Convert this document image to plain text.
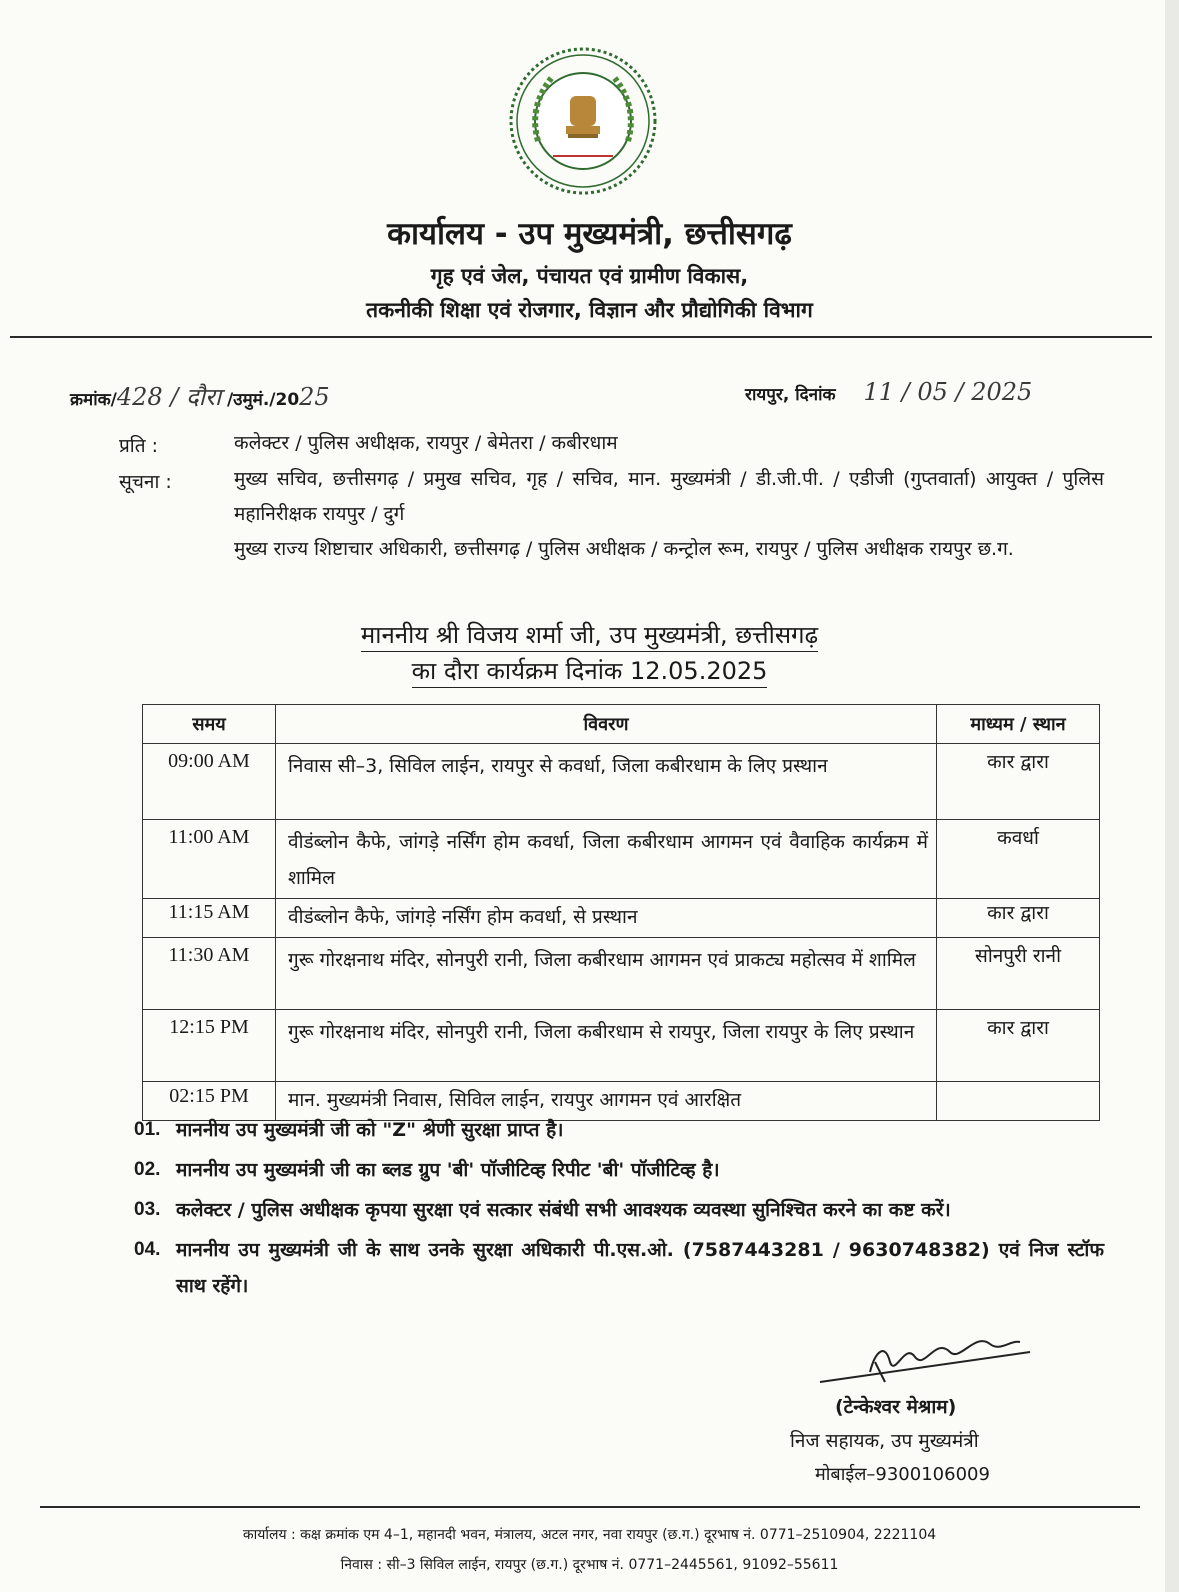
कार्यालय - उप मुख्यमंत्री, छत्तीसगढ़
गृह एवं जेल, पंचायत एवं ग्रामीण विकास,
तकनीकी शिक्षा एवं रोजगार, विज्ञान और प्रौद्योगिकी विभाग
क्रमांक/428 / दौरा /उमुमं./2025	रायपुर, दिनांक 11 / 05 / 2025
प्रति :	कलेक्टर / पुलिस अधीक्षक, रायपुर / बेमेतरा / कबीरधाम
सूचना :	मुख्य सचिव, छत्तीसगढ़ / प्रमुख सचिव, गृह / सचिव, मान. मुख्यमंत्री / डी.जी.पी. / एडीजी (गुप्तवार्ता) आयुक्त / पुलिस महानिरीक्षक रायपुर / दुर्ग
मुख्य राज्य शिष्टाचार अधिकारी, छत्तीसगढ़ / पुलिस अधीक्षक / कन्ट्रोल रूम, रायपुर / पुलिस अधीक्षक रायपुर छ.ग.
माननीय श्री विजय शर्मा जी, उप मुख्यमंत्री, छत्तीसगढ़
का दौरा कार्यक्रम दिनांक 12.05.2025
समय	विवरण	माध्यम / स्थान
09:00 AM	निवास सी–3, सिविल लाईन, रायपुर से कवर्धा, जिला कबीरधाम के लिए प्रस्थान	कार द्वारा
11:00 AM	वीडंब्लोन कैफे, जांगड़े नर्सिंग होम कवर्धा, जिला कबीरधाम आगमन एवं वैवाहिक कार्यक्रम में शामिल	कवर्धा
11:15 AM	वीडंब्लोन कैफे, जांगड़े नर्सिंग होम कवर्धा, से प्रस्थान	कार द्वारा
11:30 AM	गुरू गोरक्षनाथ मंदिर, सोनपुरी रानी, जिला कबीरधाम आगमन एवं प्राकट्य महोत्सव में शामिल	सोनपुरी रानी
12:15 PM	गुरू गोरक्षनाथ मंदिर, सोनपुरी रानी, जिला कबीरधाम से रायपुर, जिला रायपुर के लिए प्रस्थान	कार द्वारा
02:15 PM	मान. मुख्यमंत्री निवास, सिविल लाईन, रायपुर आगमन एवं आरक्षित	
01. माननीय उप मुख्यमंत्री जी को "Z" श्रेणी सुरक्षा प्राप्त है।
02. माननीय उप मुख्यमंत्री जी का ब्लड ग्रुप 'बी' पॉजीटिव्ह रिपीट 'बी' पॉजीटिव्ह है।
03. कलेक्टर / पुलिस अधीक्षक कृपया सुरक्षा एवं सत्कार संबंधी सभी आवश्यक व्यवस्था सुनिश्चित करने का कष्ट करें।
04. माननीय उप मुख्यमंत्री जी के साथ उनके सुरक्षा अधिकारी पी.एस.ओ. (7587443281 / 9630748382) एवं निज स्टॉफ साथ रहेंगे।
(टेन्केश्वर मेश्राम)
निज सहायक, उप मुख्यमंत्री
मोबाईल–9300106009
कार्यालय : कक्ष क्रमांक एम 4–1, महानदी भवन, मंत्रालय, अटल नगर, नवा रायपुर (छ.ग.) दूरभाष नं. 0771–2510904, 2221104
निवास : सी–3 सिविल लाईन, रायपुर (छ.ग.) दूरभाष नं. 0771–2445561, 91092–55611
